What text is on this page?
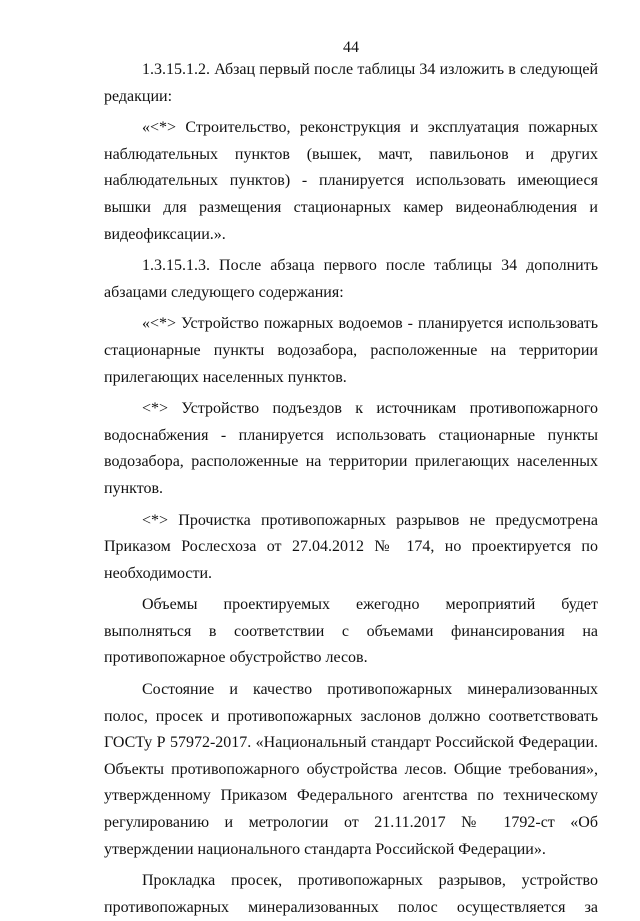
44

1.3.15.1.2. Абзац первый после таблицы 34 изложить в следующей редакции:

«<*> Строительство, реконструкция и эксплуатация пожарных наблюдательных пунктов (вышек, мачт, павильонов и других наблюдательных пунктов) - планируется использовать имеющиеся вышки для размещения стационарных камер видеонаблюдения и видеофиксации.».

1.3.15.1.3. После абзаца первого после таблицы 34 дополнить абзацами следующего содержания:

«<*> Устройство пожарных водоемов - планируется использовать стационарные пункты водозабора, расположенные на территории прилегающих населенных пунктов.

<*> Устройство подъездов к источникам противопожарного водоснабжения - планируется использовать стационарные пункты водозабора, расположенные на территории прилегающих населенных пунктов.

<*> Прочистка противопожарных разрывов не предусмотрена Приказом Рослесхоза от 27.04.2012 № 174, но проектируется по необходимости.

Объемы проектируемых ежегодно мероприятий будет выполняться в соответствии с объемами финансирования на противопожарное обустройство лесов.

Состояние и качество противопожарных минерализованных полос, просек и противопожарных заслонов должно соответствовать ГОСТу Р 57972-2017. «Национальный стандарт Российской Федерации. Объекты противопожарного обустройства лесов. Общие требования», утвержденному Приказом Федерального агентства по техническому регулированию и метрологии от 21.11.2017 № 1792-ст «Об утверждении национального стандарта Российской Федерации».

Прокладка просек, противопожарных разрывов, устройство противопожарных минерализованных полос осуществляется за
